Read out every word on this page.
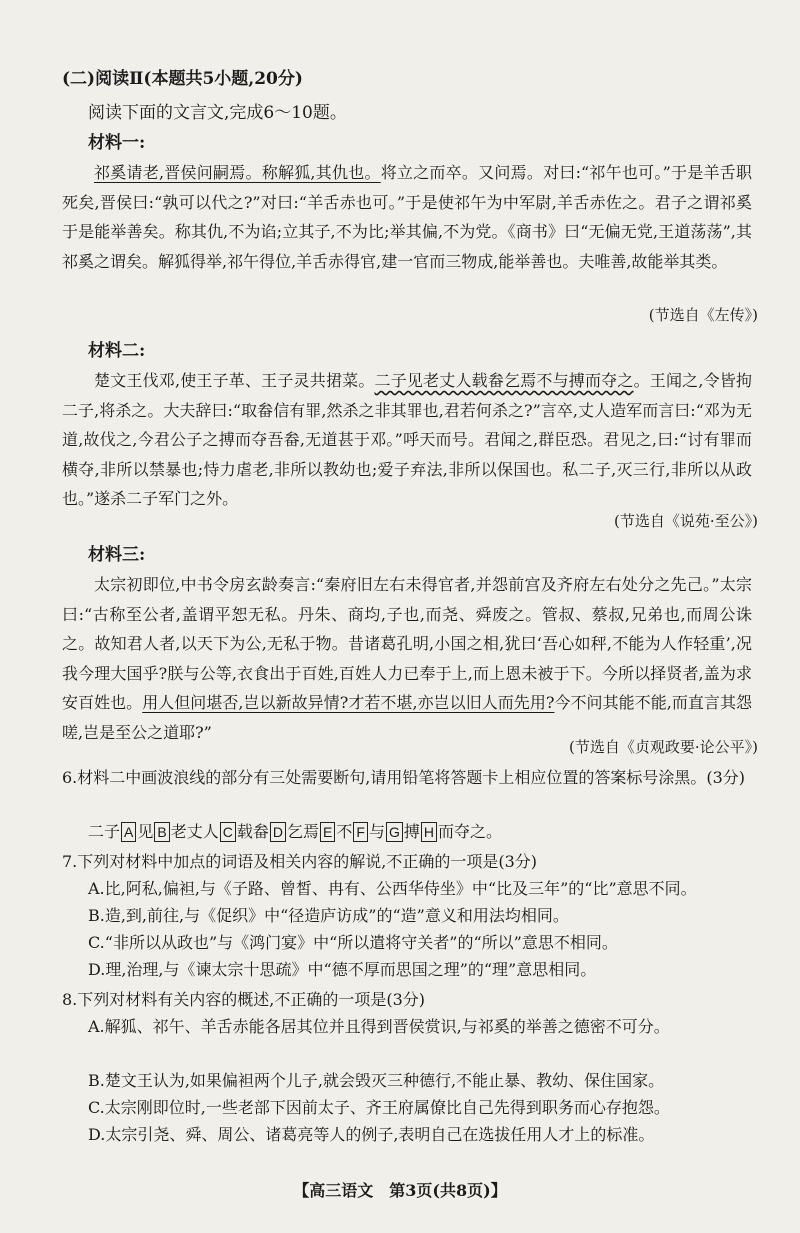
(二)阅读Ⅱ(本题共5小题,20分)
阅读下面的文言文,完成6～10题。
材料一:

祁奚请老,晋侯问嗣焉。称解狐,其仇也。将立之而卒。又问焉。对曰:“祁午也可。”于是羊舌职死矣,晋侯曰:“孰可以代之?”对曰:“羊舌赤也可。”于是使祁午为中军尉,羊舌赤佐之。君子之谓祁奚于是能举善矣。称其仇,不为谄;立其子,不为比;举其偏,不为党。《商书》曰“无偏无党,王道荡荡”,其祁奚之谓矣。解狐得举,祁午得位,羊舌赤得官,建一官而三物成,能举善也。夫唯善,故能举其类。

(节选自《左传》)
材料二:

楚文王伐邓,使王子革、王子灵共捃菜。二子见老丈人载畚乞焉不与搏而夺之。王闻之,令皆拘二子,将杀之。大夫辞曰:“取畚信有罪,然杀之非其罪也,君若何杀之?”言卒,丈人造军而言曰:“邓为无道,故伐之,今君公子之搏而夺吾畚,无道甚于邓。”呼天而号。君闻之,群臣恐。君见之,曰:“讨有罪而横夺,非所以禁暴也;恃力虐老,非所以教幼也;爱子弃法,非所以保国也。私二子,灭三行,非所以从政也。”遂杀二子军门之外。

(节选自《说苑·至公》)
材料三:

太宗初即位,中书令房玄龄奏言:“秦府旧左右未得官者,并怨前宫及齐府左右处分之先己。”太宗曰:“古称至公者,盖谓平恕无私。丹朱、商均,子也,而尧、舜废之。管叔、蔡叔,兄弟也,而周公诛之。故知君人者,以天下为公,无私于物。昔诸葛孔明,小国之相,犹曰‘吾心如秤,不能为人作轻重’,况我今理大国乎?朕与公等,衣食出于百姓,百姓人力已奉于上,而上恩未被于下。今所以择贤者,盖为求安百姓也。用人但问堪否,岂以新故异情?才若不堪,亦岂以旧人而先用?今不问其能不能,而直言其怨嗟,岂是至公之道耶?”

(节选自《贞观政要·论公平》)

6.材料二中画波浪线的部分有三处需要断句,请用铅笔将答题卡上相应位置的答案标号涂黑。(3分)

二子 A 见 B 老丈人 C 载畚 D 乞焉 E 不 F 与 G 搏 H 而夺之。

7.下列对材料中加点的词语及相关内容的解说,不正确的一项是(3分)

A.比,阿私,偏袒,与《子路、曾皙、冉有、公西华侍坐》中“比及三年”的“比”意思不同。

B.造,到,前往,与《促织》中“径造庐访成”的“造”意义和用法均相同。

C.“非所以从政也”与《鸿门宴》中“所以遣将守关者”的“所以”意思不相同。

D.理,治理,与《谏太宗十思疏》中“德不厚而思国之理”的“理”意思相同。

8.下列对材料有关内容的概述,不正确的一项是(3分)

A.解狐、祁午、羊舌赤能各居其位并且得到晋侯赏识,与祁奚的举善之德密不可分。

B.楚文王认为,如果偏袒两个儿子,就会毁灭三种德行,不能止暴、教幼、保住国家。

C.太宗刚即位时,一些老部下因前太子、齐王府属僚比自己先得到职务而心存抱怨。

D.太宗引尧、舜、周公、诸葛亮等人的例子,表明自己在选拔任用人才上的标准。

【高三语文　第3页(共8页)】
